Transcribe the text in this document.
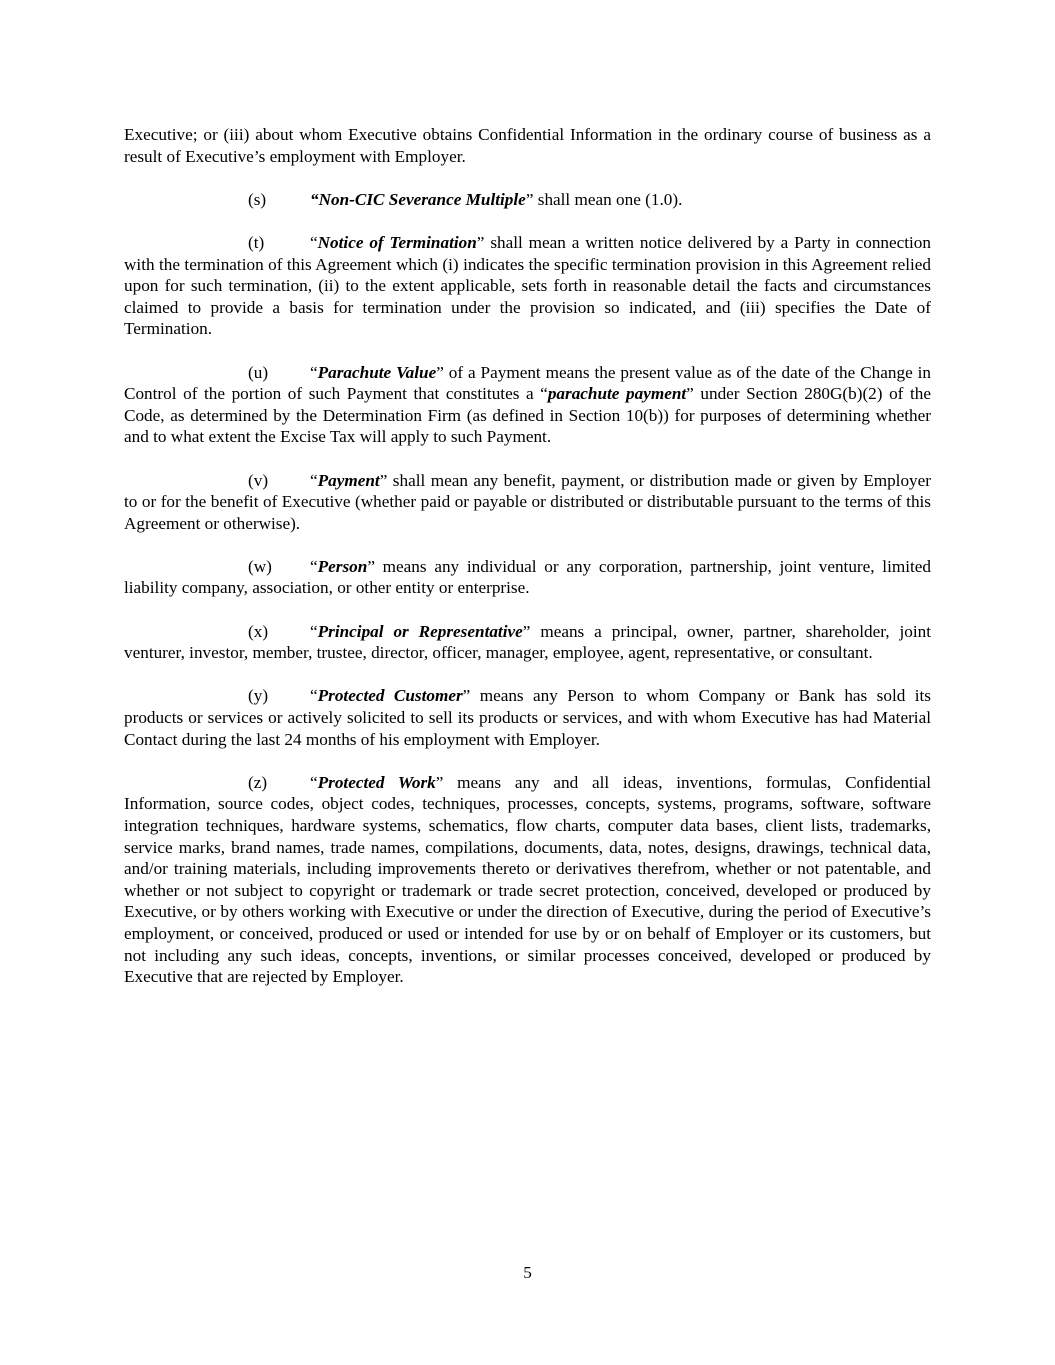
Executive; or (iii) about whom Executive obtains Confidential Information in the ordinary course of business as a result of Executive’s employment with Employer.

(s)	“Non-CIC Severance Multiple” shall mean one (1.0).

(t)	“Notice of Termination” shall mean a written notice delivered by a Party in connection with the termination of this Agreement which (i) indicates the specific termination provision in this Agreement relied upon for such termination, (ii) to the extent applicable, sets forth in reasonable detail the facts and circumstances claimed to provide a basis for termination under the provision so indicated, and (iii) specifies the Date of Termination.

(u) “Parachute Value” of a Payment means the present value as of the date of the Change in Control of the portion of such Payment that constitutes a “parachute payment” under Section 280G(b)(2) of the Code, as determined by the Determination Firm (as defined in Section 10(b)) for purposes of determining whether and to what extent the Excise Tax will apply to such Payment.

(v) “Payment” shall mean any benefit, payment, or distribution made or given by Employer to or for the benefit of Executive (whether paid or payable or distributed or distributable pursuant to the terms of this Agreement or otherwise).

(w) “Person” means any individual or any corporation, partnership, joint venture, limited liability company, association, or other entity or enterprise.

(x) “Principal or Representative” means a principal, owner, partner, shareholder, joint venturer, investor, member, trustee, director, officer, manager, employee, agent, representative, or consultant.

(y) “Protected Customer” means any Person to whom Company or Bank has sold its products or services or actively solicited to sell its products or services, and with whom Executive has had Material Contact during the last 24 months of his employment with Employer.

(z) “Protected Work” means any and all ideas, inventions, formulas, Confidential Information, source codes, object codes, techniques, processes, concepts, systems, programs, software, software integration techniques, hardware systems, schematics, flow charts, computer data bases, client lists, trademarks, service marks, brand names, trade names, compilations, documents, data, notes, designs, drawings, technical data, and/or training materials, including improvements thereto or derivatives therefrom, whether or not patentable, and whether or not subject to copyright or trademark or trade secret protection, conceived, developed or produced by Executive, or by others working with Executive or under the direction of Executive, during the period of Executive’s employment, or conceived, produced or used or intended for use by or on behalf of Employer or its customers, but not including any such ideas, concepts, inventions, or similar processes conceived, developed or produced by Executive that are rejected by Employer.

5
